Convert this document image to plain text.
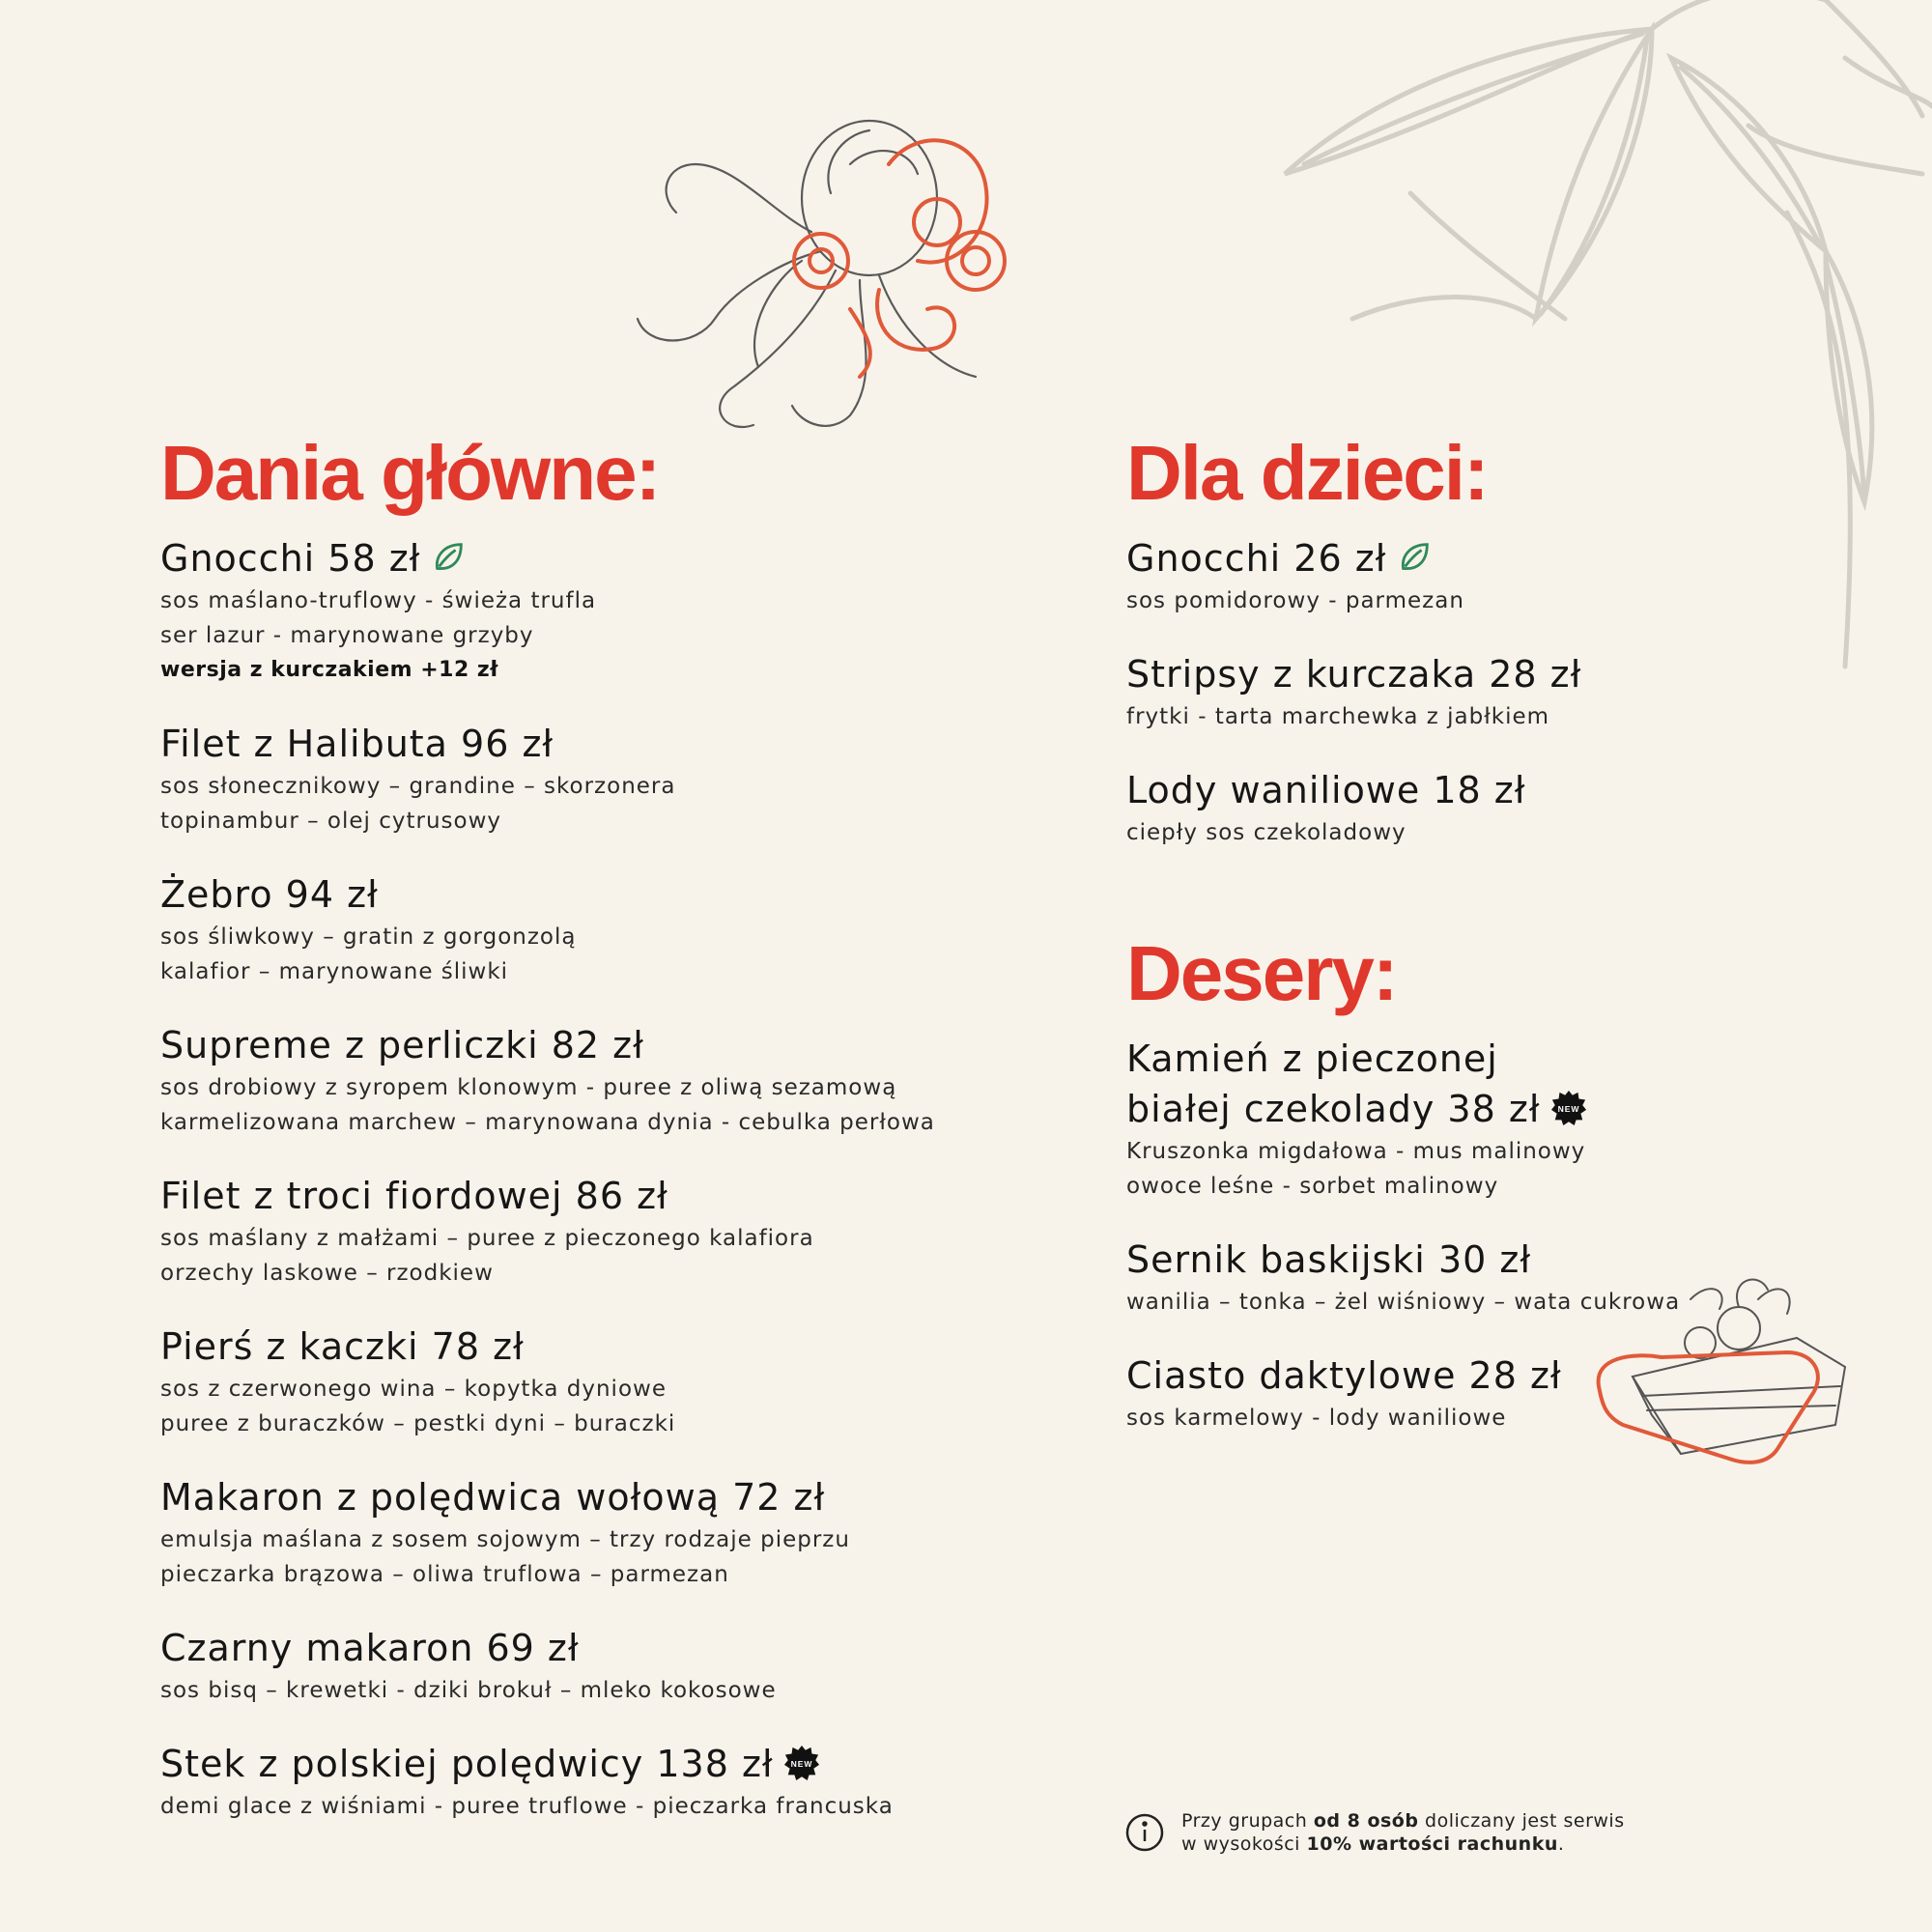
Dania główne:
Gnocchi 58 zł
sos maślano-truflowy - świeża trufla
ser lazur - marynowane grzyby
wersja z kurczakiem +12 zł
Filet z Halibuta 96 zł
sos słonecznikowy – grandine – skorzonera
topinambur – olej cytrusowy
Żebro 94 zł
sos śliwkowy – gratin z gorgonzolą
kalafior – marynowane śliwki
Supreme z perliczki 82 zł
sos drobiowy z syropem klonowym - puree z oliwą sezamową
karmelizowana marchew – marynowana dynia - cebulka perłowa
Filet z troci fiordowej 86 zł
sos maślany z małżami – puree z pieczonego kalafiora
orzechy laskowe – rzodkiew
Pierś z kaczki 78 zł
sos z czerwonego wina – kopytka dyniowe
puree z buraczków – pestki dyni – buraczki
Makaron z polędwica wołową 72 zł
emulsja maślana z sosem sojowym – trzy rodzaje pieprzu
pieczarka brązowa – oliwa truflowa – parmezan
Czarny makaron 69 zł
sos bisq – krewetki - dziki brokuł – mleko kokosowe
Stek z polskiej polędwicy 138 zł NEW
demi glace z wiśniami - puree truflowe - pieczarka francuska
Dla dzieci:
Gnocchi 26 zł
sos pomidorowy - parmezan
Stripsy z kurczaka 28 zł
frytki - tarta marchewka z jabłkiem
Lody waniliowe 18 zł
ciepły sos czekoladowy
Desery:
Kamień z pieczonej
białej czekolady 38 zł NEW
Kruszonka migdałowa - mus malinowy
owoce leśne - sorbet malinowy
Sernik baskijski 30 zł
wanilia – tonka – żel wiśniowy – wata cukrowa
Ciasto daktylowe 28 zł
sos karmelowy - lody waniliowe
Przy grupach od 8 osób doliczany jest serwis
w wysokości 10% wartości rachunku.
